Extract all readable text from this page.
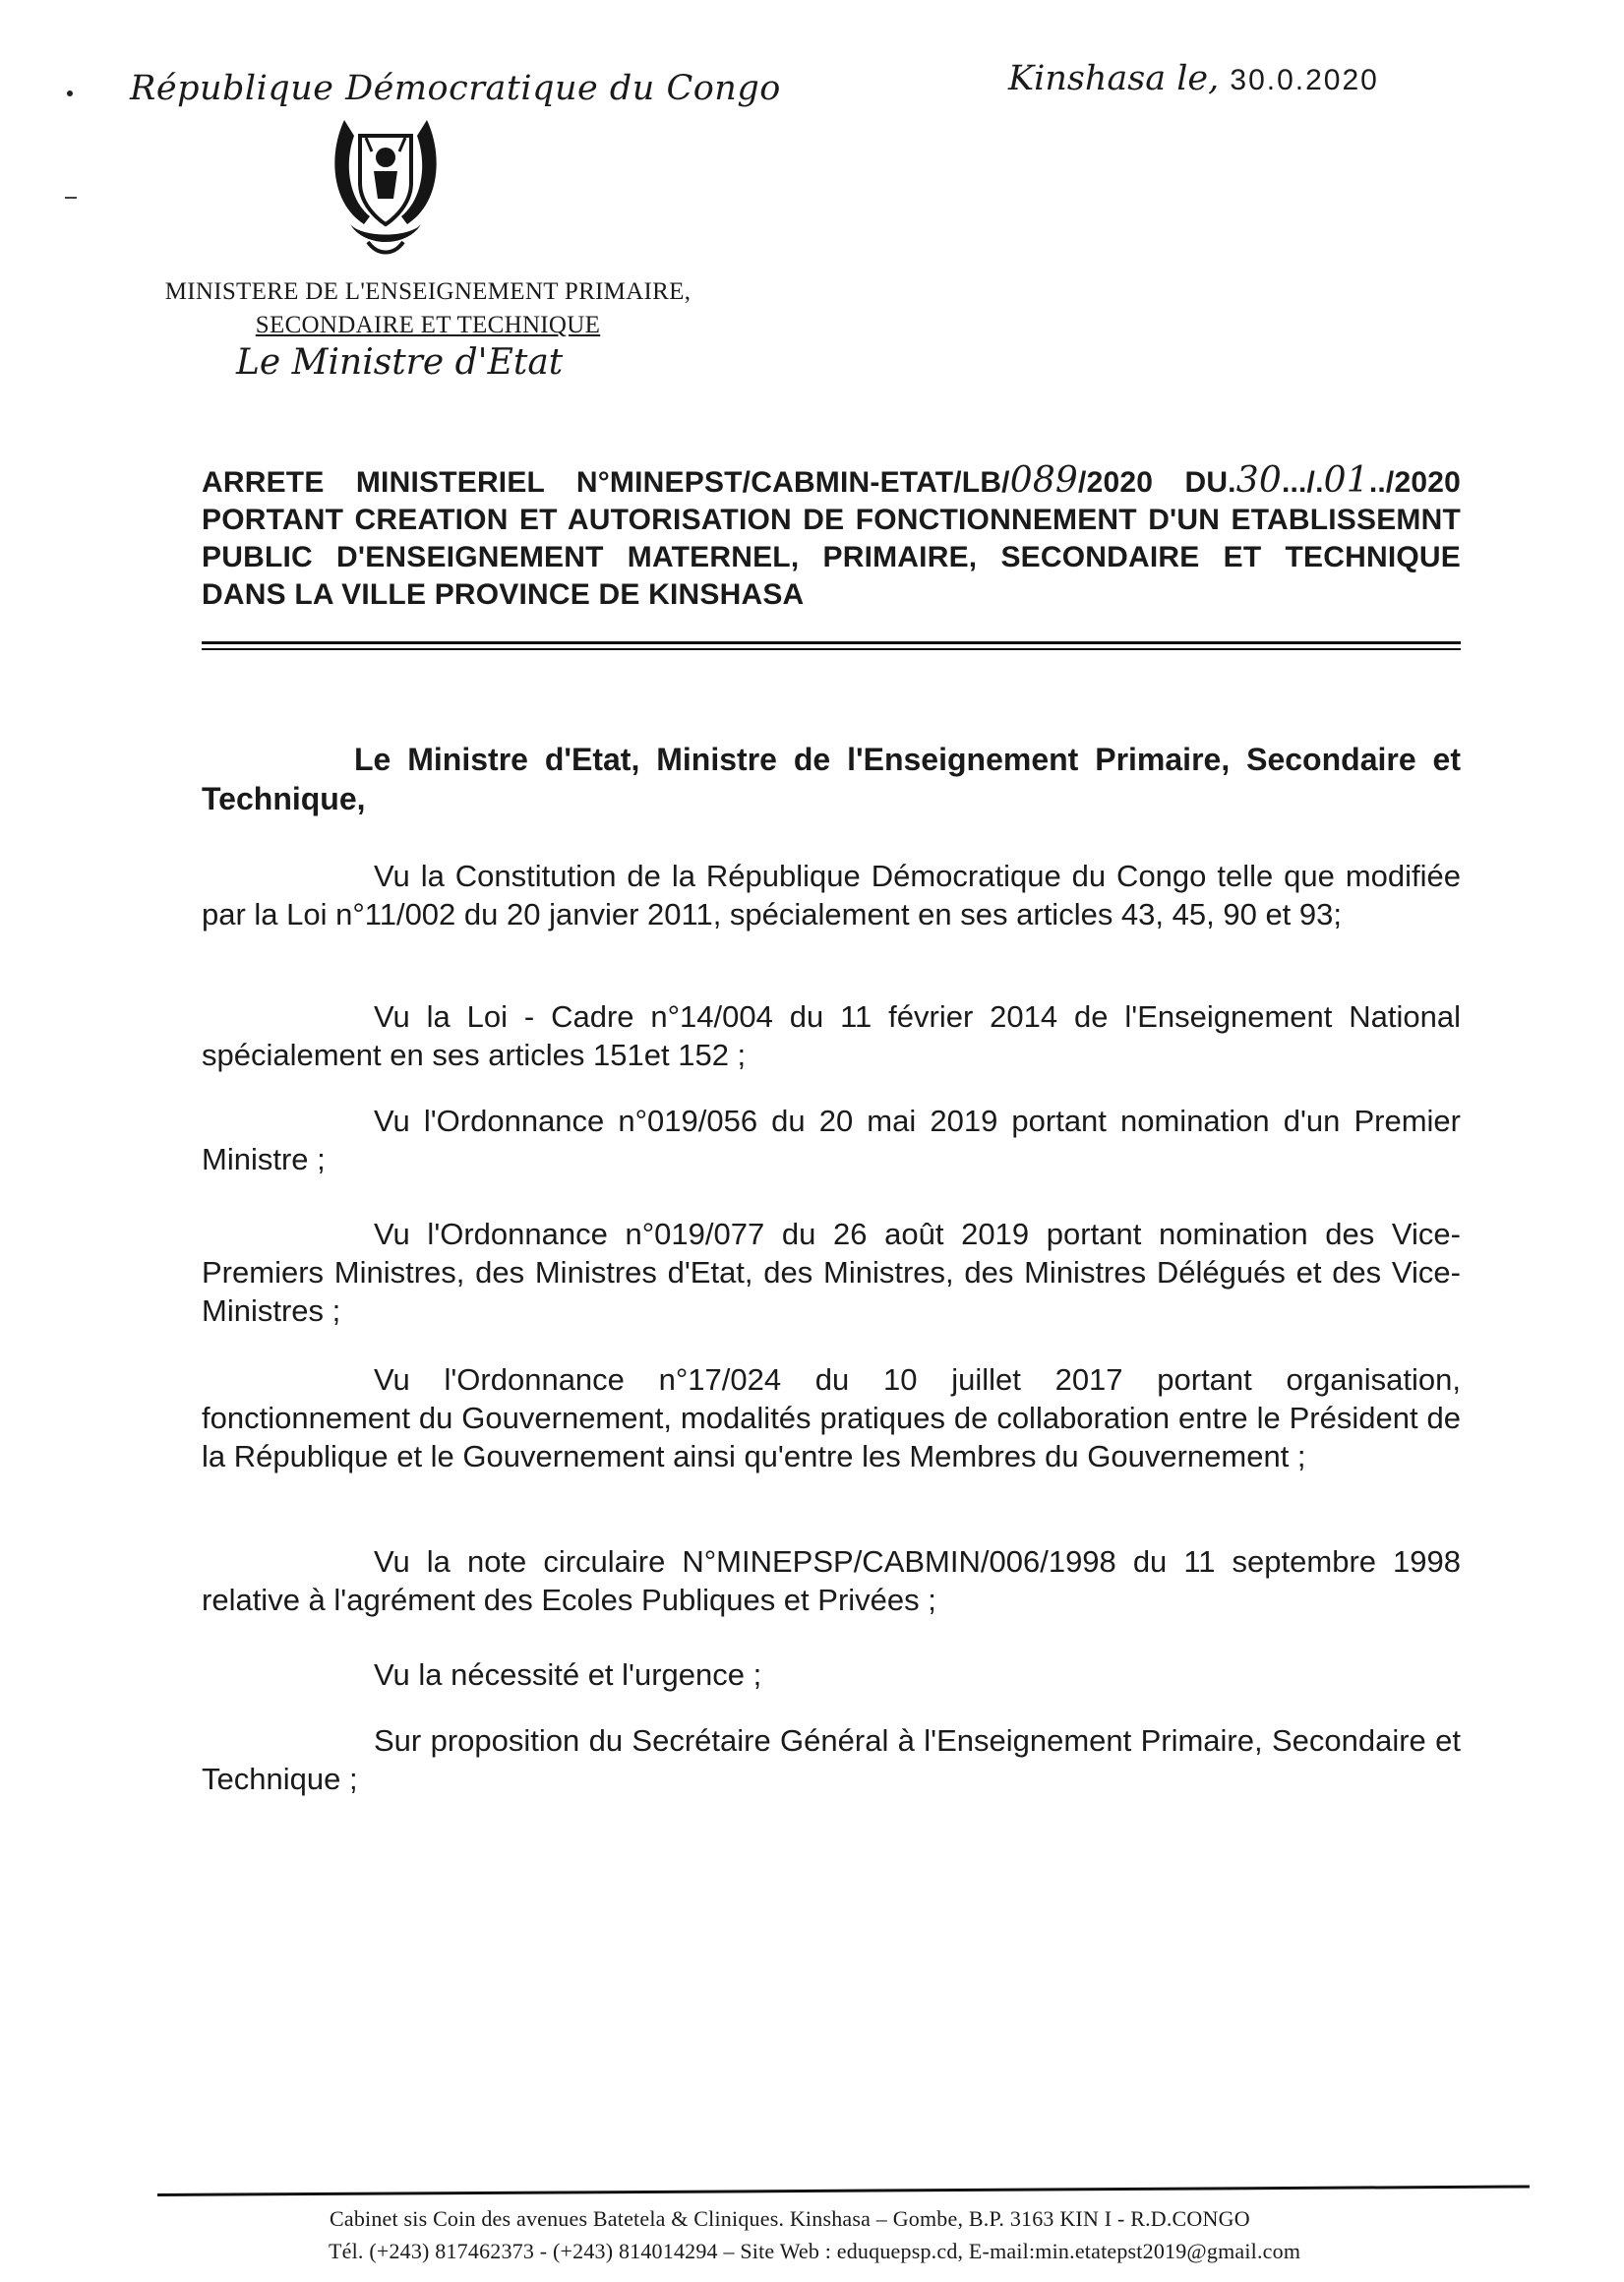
République Démocratique du Congo	Kinshasa le, 30.0.2020
MINISTERE DE L'ENSEIGNEMENT PRIMAIRE,
SECONDAIRE ET TECHNIQUE
Le Ministre d'Etat
ARRETE MINISTERIEL N°MINEPST/CABMIN-ETAT/LB/089/2020 DU.30.../.01../2020 PORTANT CREATION ET AUTORISATION DE FONCTIONNEMENT D'UN ETABLISSEMNT PUBLIC D'ENSEIGNEMENT MATERNEL, PRIMAIRE, SECONDAIRE ET TECHNIQUE DANS LA VILLE PROVINCE DE KINSHASA
Le Ministre d'Etat, Ministre de l'Enseignement Primaire, Secondaire et Technique,
Vu la Constitution de la République Démocratique du Congo telle que modifiée par la Loi n°11/002 du 20 janvier 2011, spécialement en ses articles 43, 45, 90 et 93;
Vu la Loi - Cadre n°14/004 du 11 février 2014 de l'Enseignement National spécialement en ses articles 151et 152 ;
Vu l'Ordonnance n°019/056 du 20 mai 2019 portant nomination d'un Premier Ministre ;
Vu l'Ordonnance n°019/077 du 26 août 2019 portant nomination des Vice-Premiers Ministres, des Ministres d'Etat, des Ministres, des Ministres Délégués et des Vice-Ministres ;
Vu l'Ordonnance n°17/024 du 10 juillet 2017 portant organisation, fonctionnement du Gouvernement, modalités pratiques de collaboration entre le Président de la République et le Gouvernement ainsi qu'entre les Membres du Gouvernement ;
Vu la note circulaire N°MINEPSP/CABMIN/006/1998 du 11 septembre 1998 relative à l'agrément des Ecoles Publiques et Privées ;
Vu la nécessité et l'urgence ;
Sur proposition du Secrétaire Général à l'Enseignement Primaire, Secondaire et Technique ;
Cabinet sis Coin des avenues Batetela & Cliniques. Kinshasa – Gombe, B.P. 3163 KIN I - R.D.CONGO
Tél. (+243) 817462373 - (+243) 814014294 – Site Web : eduquepsp.cd, E-mail:min.etatepst2019@gmail.com
